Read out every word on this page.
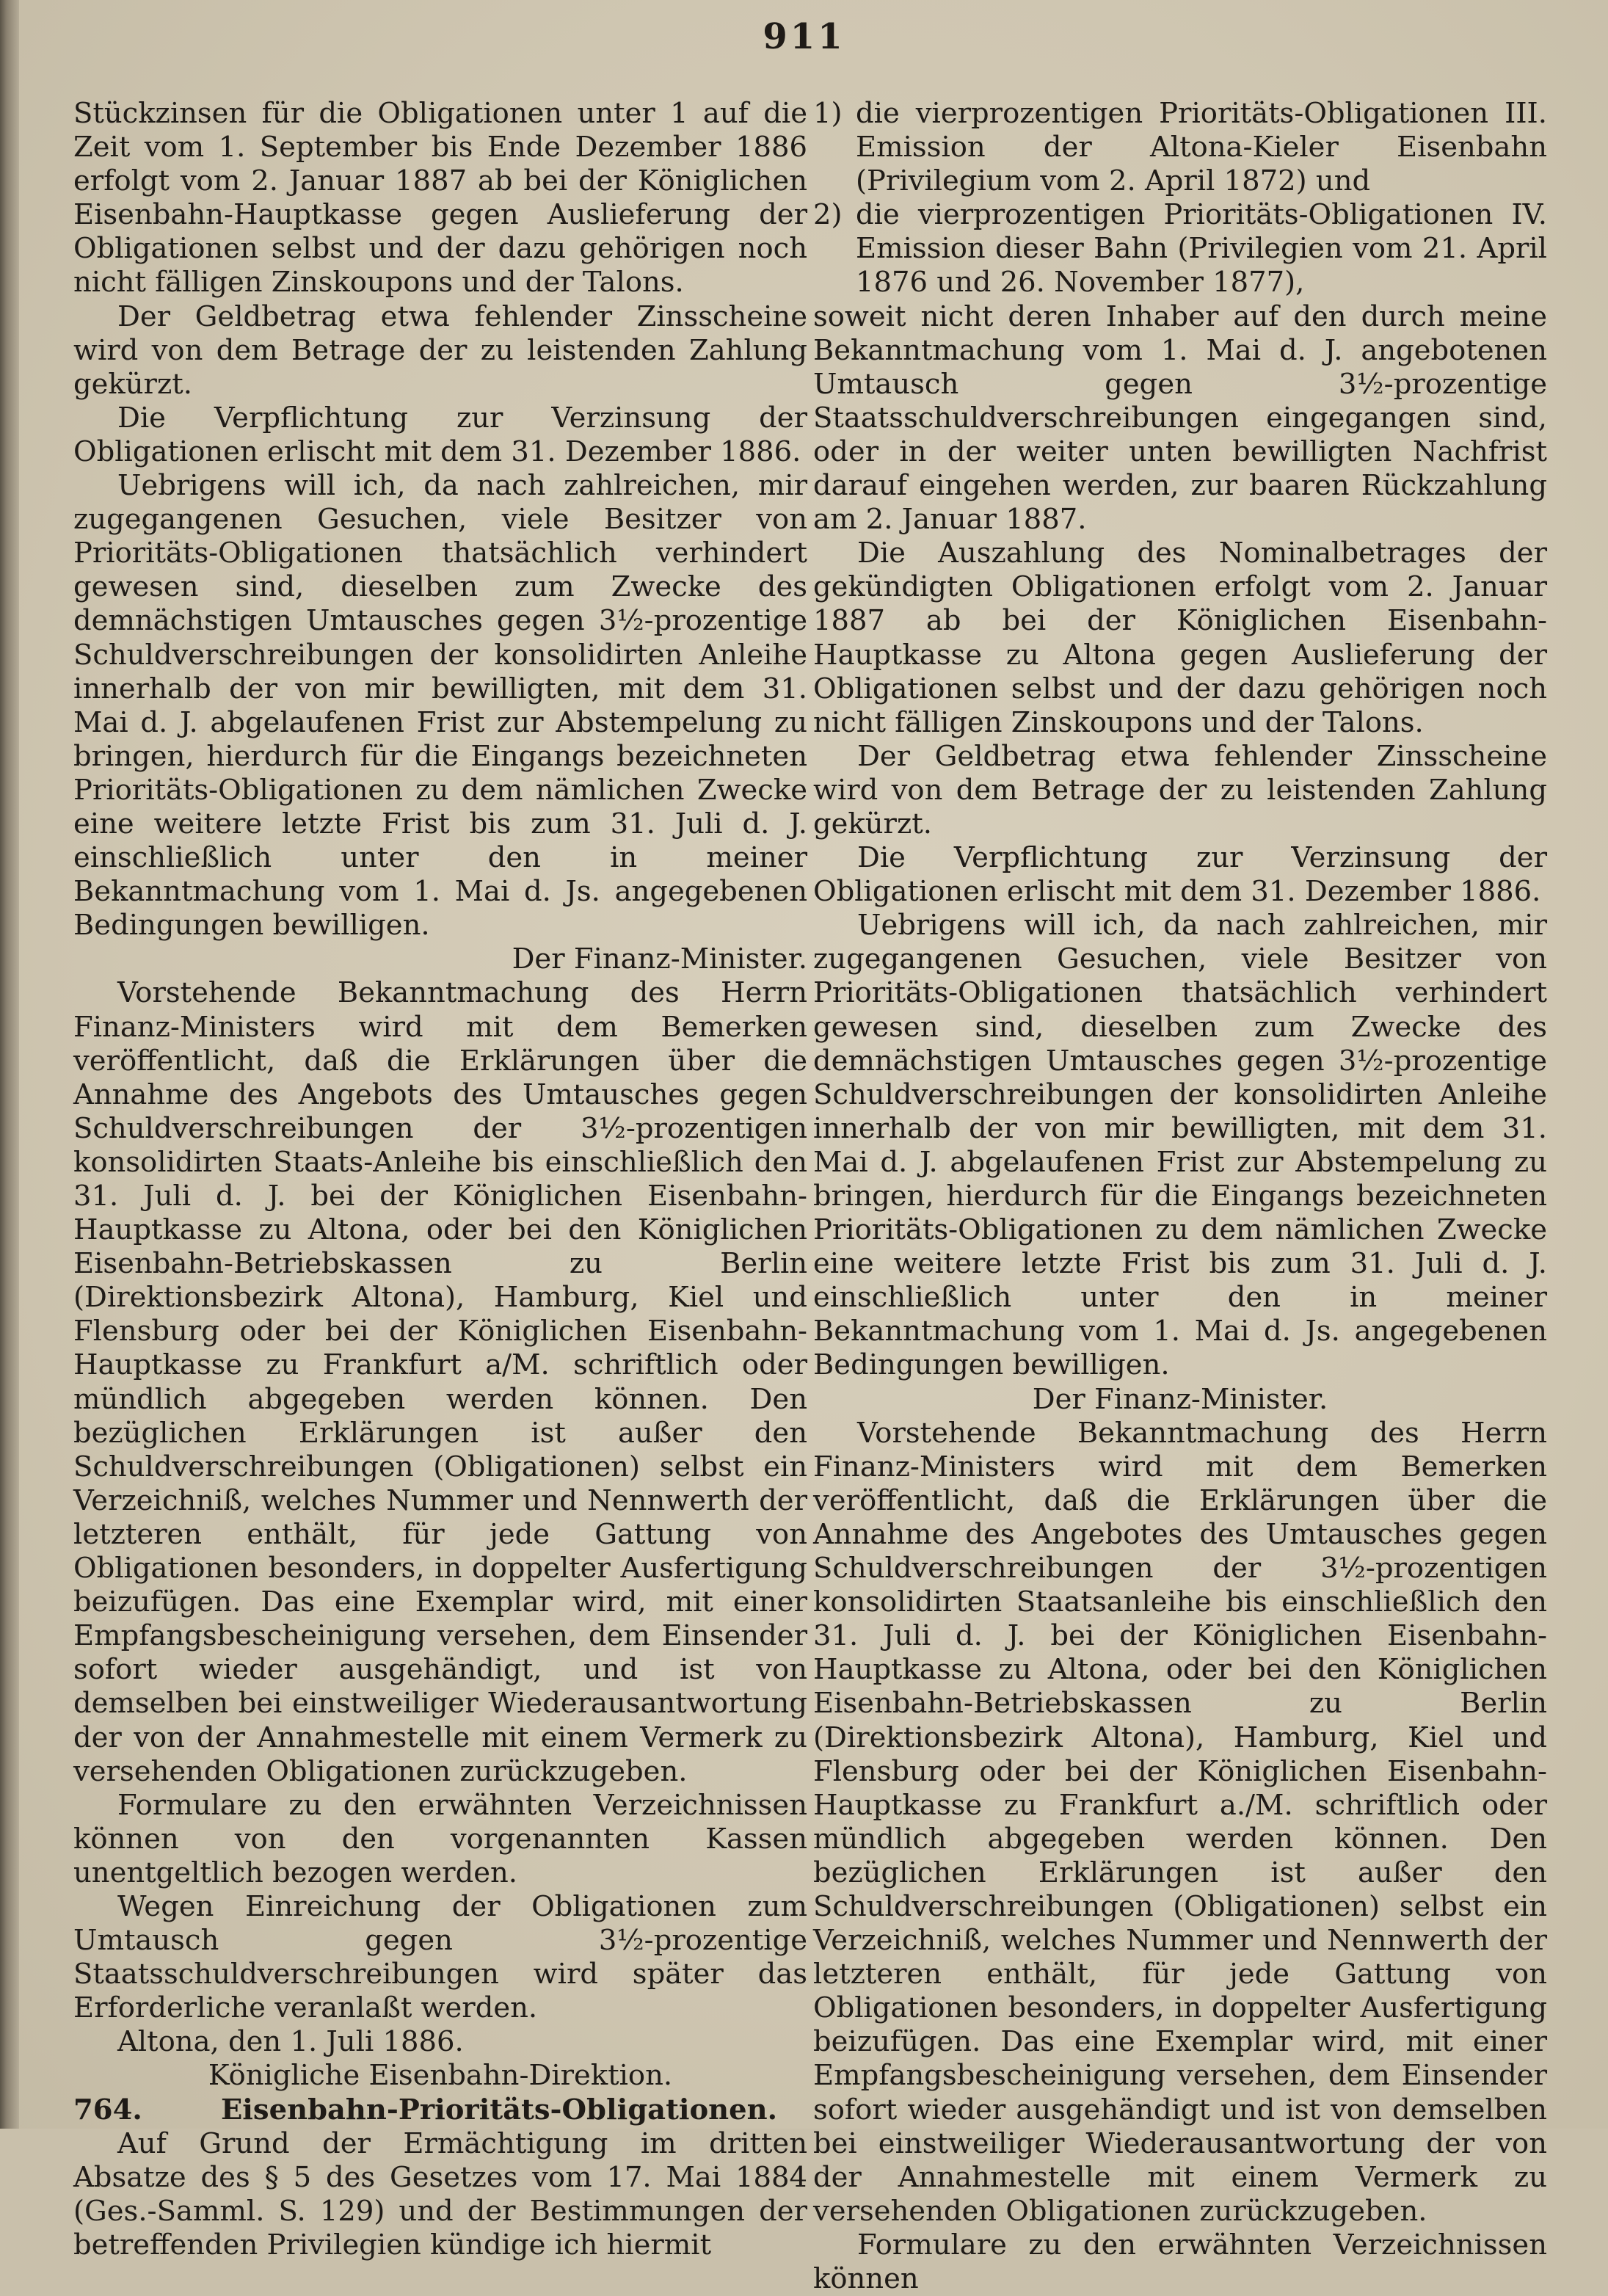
911

Stückzinsen für die Obligationen unter 1 auf die Zeit vom 1. September bis Ende Dezember 1886 erfolgt vom 2. Januar 1887 ab bei der Königlichen Eisenbahn-Hauptkasse gegen Auslieferung der Obligationen selbst und der dazu gehörigen noch nicht fälligen Zinskoupons und der Talons.

Der Geldbetrag etwa fehlender Zinsscheine wird von dem Betrage der zu leistenden Zahlung gekürzt.

Die Verpflichtung zur Verzinsung der Obligationen erlischt mit dem 31. Dezember 1886.

Uebrigens will ich, da nach zahlreichen, mir zugegangenen Gesuchen, viele Besitzer von Prioritäts-Obligationen thatsächlich verhindert gewesen sind, dieselben zum Zwecke des demnächstigen Umtausches gegen 3½-prozentige Schuldverschreibungen der konsolidirten Anleihe innerhalb der von mir bewilligten, mit dem 31. Mai d. J. abgelaufenen Frist zur Abstempelung zu bringen, hierdurch für die Eingangs bezeichneten Prioritäts-Obligationen zu dem nämlichen Zwecke eine weitere letzte Frist bis zum 31. Juli d. J. einschließlich unter den in meiner Bekanntmachung vom 1. Mai d. Js. angegebenen Bedingungen bewilligen.

Der Finanz-Minister.

Vorstehende Bekanntmachung des Herrn Finanz-Ministers wird mit dem Bemerken veröffentlicht, daß die Erklärungen über die Annahme des Angebots des Umtausches gegen Schuldverschreibungen der 3½-prozentigen konsolidirten Staats-Anleihe bis einschließlich den 31. Juli d. J. bei der Königlichen Eisenbahn-Hauptkasse zu Altona, oder bei den Königlichen Eisenbahn-Betriebskassen zu Berlin (Direktionsbezirk Altona), Hamburg, Kiel und Flensburg oder bei der Königlichen Eisenbahn-Hauptkasse zu Frankfurt a/M. schriftlich oder mündlich abgegeben werden können. Den bezüglichen Erklärungen ist außer den Schuldverschreibungen (Obligationen) selbst ein Verzeichniß, welches Nummer und Nennwerth der letzteren enthält, für jede Gattung von Obligationen besonders, in doppelter Ausfertigung beizufügen. Das eine Exemplar wird, mit einer Empfangsbescheinigung versehen, dem Einsender sofort wieder ausgehändigt, und ist von demselben bei einstweiliger Wiederausantwortung der von der Annahmestelle mit einem Vermerk zu versehenden Obligationen zurückzugeben.

Formulare zu den erwähnten Verzeichnissen können von den vorgenannten Kassen unentgeltlich bezogen werden.

Wegen Einreichung der Obligationen zum Umtausch gegen 3½-prozentige Staatsschuldverschreibungen wird später das Erforderliche veranlaßt werden.

Altona, den 1. Juli 1886.

Königliche Eisenbahn-Direktion.

764.	Eisenbahn-Prioritäts-Obligationen.

Auf Grund der Ermächtigung im dritten Absatze des § 5 des Gesetzes vom 17. Mai 1884 (Ges.-Samml. S. 129) und der Bestimmungen der betreffenden Privilegien kündige ich hiermit

1) die vierprozentigen Prioritäts-Obligationen III. Emission der Altona-Kieler Eisenbahn (Privilegium vom 2. April 1872) und
2) die vierprozentigen Prioritäts-Obligationen IV. Emission dieser Bahn (Privilegien vom 21. April 1876 und 26. November 1877),

soweit nicht deren Inhaber auf den durch meine Bekanntmachung vom 1. Mai d. J. angebotenen Umtausch gegen 3½-prozentige Staatsschuldverschreibungen eingegangen sind, oder in der weiter unten bewilligten Nachfrist darauf eingehen werden, zur baaren Rückzahlung am 2. Januar 1887.

Die Auszahlung des Nominalbetrages der gekündigten Obligationen erfolgt vom 2. Januar 1887 ab bei der Königlichen Eisenbahn-Hauptkasse zu Altona gegen Auslieferung der Obligationen selbst und der dazu gehörigen noch nicht fälligen Zinskoupons und der Talons.

Der Geldbetrag etwa fehlender Zinsscheine wird von dem Betrage der zu leistenden Zahlung gekürzt.

Die Verpflichtung zur Verzinsung der Obligationen erlischt mit dem 31. Dezember 1886.

Uebrigens will ich, da nach zahlreichen, mir zugegangenen Gesuchen, viele Besitzer von Prioritäts-Obligationen thatsächlich verhindert gewesen sind, dieselben zum Zwecke des demnächstigen Umtausches gegen 3½-prozentige Schuldverschreibungen der konsolidirten Anleihe innerhalb der von mir bewilligten, mit dem 31. Mai d. J. abgelaufenen Frist zur Abstempelung zu bringen, hierdurch für die Eingangs bezeichneten Prioritäts-Obligationen zu dem nämlichen Zwecke eine weitere letzte Frist bis zum 31. Juli d. J. einschließlich unter den in meiner Bekanntmachung vom 1. Mai d. Js. angegebenen Bedingungen bewilligen.

Der Finanz-Minister.

Vorstehende Bekanntmachung des Herrn Finanz-Ministers wird mit dem Bemerken veröffentlicht, daß die Erklärungen über die Annahme des Angebotes des Umtausches gegen Schuldverschreibungen der 3½-prozentigen konsolidirten Staatsanleihe bis einschließlich den 31. Juli d. J. bei der Königlichen Eisenbahn-Hauptkasse zu Altona, oder bei den Königlichen Eisenbahn-Betriebskassen zu Berlin (Direktionsbezirk Altona), Hamburg, Kiel und Flensburg oder bei der Königlichen Eisenbahn-Hauptkasse zu Frankfurt a./M. schriftlich oder mündlich abgegeben werden können. Den bezüglichen Erklärungen ist außer den Schuldverschreibungen (Obligationen) selbst ein Verzeichniß, welches Nummer und Nennwerth der letzteren enthält, für jede Gattung von Obligationen besonders, in doppelter Ausfertigung beizufügen. Das eine Exemplar wird, mit einer Empfangsbescheinigung versehen, dem Einsender sofort wieder ausgehändigt und ist von demselben bei einstweiliger Wiederausantwortung der von der Annahmestelle mit einem Vermerk zu versehenden Obligationen zurückzugeben.

Formulare zu den erwähnten Verzeichnissen können
